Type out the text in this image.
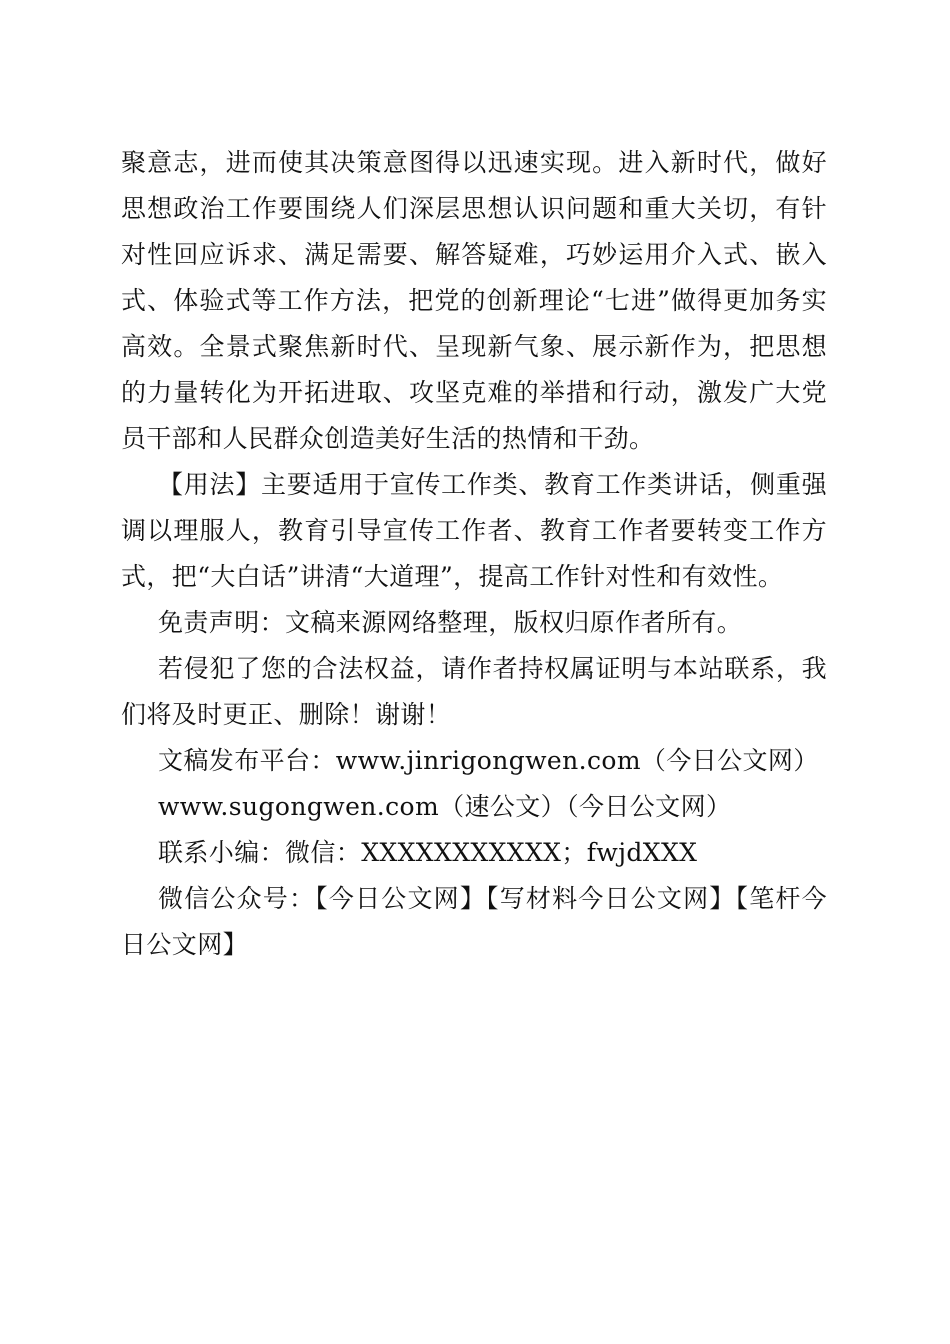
聚意志，进而使其决策意图得以迅速实现。进入新时代，做好思想政治工作要围绕人们深层思想认识问题和重大关切，有针对性回应诉求、满足需要、解答疑难，巧妙运用介入式、嵌入式、体验式等工作方法，把党的创新理论“七进”做得更加务实高效。全景式聚焦新时代、呈现新气象、展示新作为，把思想的力量转化为开拓进取、攻坚克难的举措和行动，激发广大党员干部和人民群众创造美好生活的热情和干劲。

【用法】主要适用于宣传工作类、教育工作类讲话，侧重强调以理服人，教育引导宣传工作者、教育工作者要转变工作方式，把“大白话”讲清“大道理”，提高工作针对性和有效性。

免责声明：文稿来源网络整理，版权归原作者所有。

若侵犯了您的合法权益，请作者持权属证明与本站联系，我们将及时更正、删除！谢谢！

文稿发布平台：www.jinrigongwen.com（今日公文网）

www.sugongwen.com（速公文）（今日公文网）

联系小编：微信：XXXXXXXXXXX；fwjdXXX

微信公众号：【今日公文网】【写材料今日公文网】【笔杆今日公文网】
